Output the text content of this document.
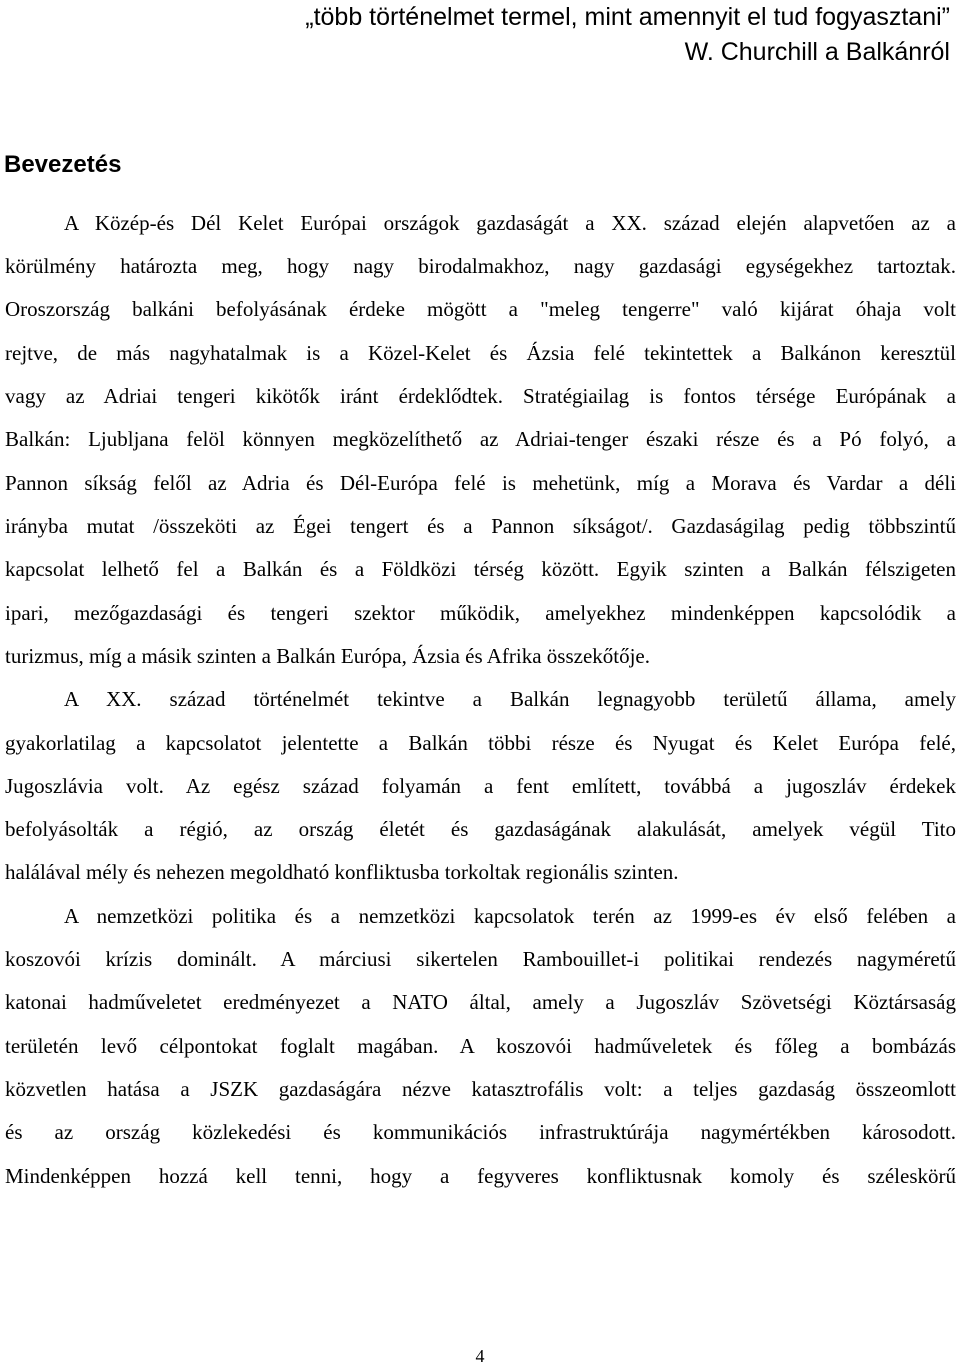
„több történelmet termel, mint amennyit el tud fogyasztani”
W. Churchill a Balkánról
Bevezetés
A Közép-és Dél Kelet Európai országok gazdaságát a XX. század elején alapvetően az a
körülmény határozta meg, hogy nagy birodalmakhoz, nagy gazdasági egységekhez tartoztak.
Oroszország balkáni befolyásának érdeke mögött a "meleg tengerre" való kijárat óhaja volt
rejtve, de más nagyhatalmak is a Közel-Kelet és Ázsia felé tekintettek a Balkánon keresztül
vagy az Adriai tengeri kikötők iránt érdeklődtek. Stratégiailag is fontos térsége Európának a
Balkán: Ljubljana felöl könnyen megközelíthető az Adriai-tenger északi része és a Pó folyó, a
Pannon síkság felől az Adria és Dél-Európa felé is mehetünk, míg a Morava és Vardar a déli
irányba mutat /összeköti az Égei tengert és a Pannon síkságot/. Gazdaságilag pedig többszintű
kapcsolat lelhető fel a Balkán és a Földközi térség között. Egyik szinten a Balkán félszigeten
ipari, mezőgazdasági és tengeri szektor működik, amelyekhez mindenképpen kapcsolódik a
turizmus, míg a másik szinten a Balkán Európa, Ázsia és Afrika összekőtője.
A XX. század történelmét tekintve a Balkán legnagyobb területű állama, amely
gyakorlatilag a kapcsolatot jelentette a Balkán többi része és Nyugat és Kelet Európa felé,
Jugoszlávia volt. Az egész század folyamán a fent említett, továbbá a jugoszláv érdekek
befolyásolták a régió, az ország életét és gazdaságának alakulását, amelyek végül Tito
halálával mély és nehezen megoldható konfliktusba torkoltak regionális szinten.
A nemzetközi politika és a nemzetközi kapcsolatok terén az 1999-es év első felében a
koszovói krízis dominált. A márciusi sikertelen Rambouillet-i politikai rendezés nagyméretű
katonai hadműveletet eredményezet a NATO által, amely a Jugoszláv Szövetségi Köztársaság
területén levő célpontokat foglalt magában. A koszovói hadműveletek és főleg a bombázás
közvetlen hatása a JSZK gazdaságára nézve katasztrofális volt: a teljes gazdaság összeomlott
és az ország közlekedési és kommunikációs infrastruktúrája nagymértékben károsodott.
Mindenképpen hozzá kell tenni, hogy a fegyveres konfliktusnak komoly és széleskörű
4
